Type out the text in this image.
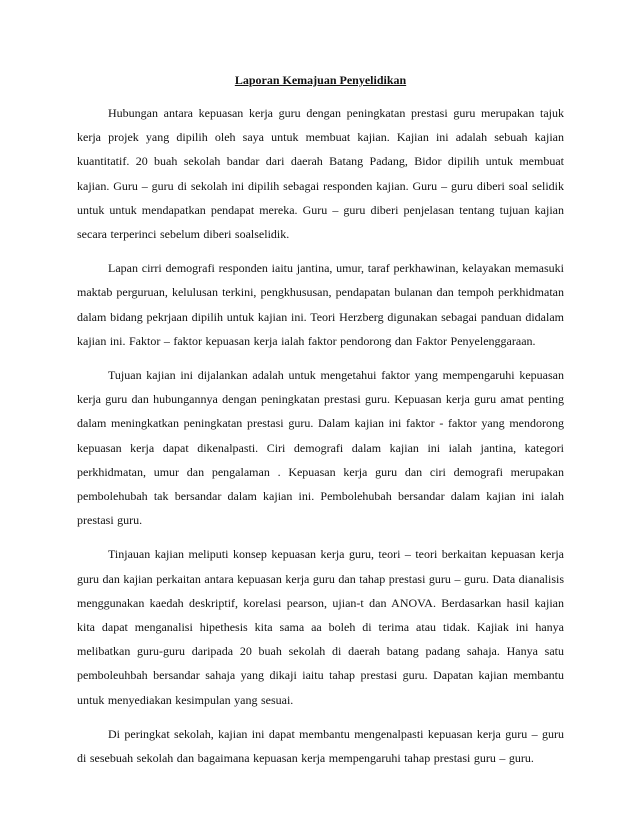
Laporan Kemajuan Penyelidikan

Hubungan antara kepuasan kerja guru dengan peningkatan prestasi guru merupakan tajuk kerja projek yang dipilih oleh saya untuk membuat kajian. Kajian ini adalah sebuah kajian kuantitatif. 20 buah sekolah bandar dari daerah Batang Padang, Bidor dipilih untuk membuat kajian. Guru – guru di sekolah ini dipilih sebagai responden kajian. Guru – guru diberi soal selidik untuk untuk mendapatkan pendapat mereka. Guru – guru diberi penjelasan tentang tujuan kajian secara terperinci sebelum diberi soalselidik.

Lapan cirri demografi responden iaitu jantina, umur, taraf perkhawinan, kelayakan memasuki maktab perguruan, kelulusan terkini, pengkhususan, pendapatan bulanan dan tempoh perkhidmatan dalam bidang pekrjaan dipilih untuk kajian ini. Teori Herzberg digunakan sebagai panduan didalam kajian ini. Faktor – faktor kepuasan kerja ialah faktor pendorong dan Faktor Penyelenggaraan.

Tujuan kajian ini dijalankan adalah untuk mengetahui faktor yang mempengaruhi kepuasan kerja guru dan hubungannya dengan peningkatan prestasi guru. Kepuasan kerja guru amat penting dalam meningkatkan peningkatan prestasi guru. Dalam kajian ini faktor - faktor yang mendorong kepuasan kerja dapat dikenalpasti. Ciri demografi dalam kajian ini ialah jantina, kategori perkhidmatan, umur dan pengalaman . Kepuasan kerja guru dan ciri demografi merupakan pembolehubah tak bersandar dalam kajian ini. Pembolehubah bersandar dalam kajian ini ialah prestasi guru.

Tinjauan kajian meliputi konsep kepuasan kerja guru, teori – teori berkaitan kepuasan kerja guru dan kajian perkaitan antara kepuasan kerja guru dan tahap prestasi guru – guru. Data dianalisis menggunakan kaedah deskriptif, korelasi pearson, ujian-t dan ANOVA. Berdasarkan hasil kajian kita dapat menganalisi hipethesis kita sama aa boleh di terima atau tidak. Kajiak ini hanya melibatkan guru-guru daripada 20 buah sekolah di daerah batang padang sahaja. Hanya satu pemboleuhbah bersandar sahaja yang dikaji iaitu tahap prestasi guru. Dapatan kajian membantu untuk menyediakan kesimpulan yang sesuai.

Di peringkat sekolah, kajian ini dapat membantu mengenalpasti kepuasan kerja guru – guru di sesebuah sekolah dan bagaimana kepuasan kerja mempengaruhi tahap prestasi guru – guru.
